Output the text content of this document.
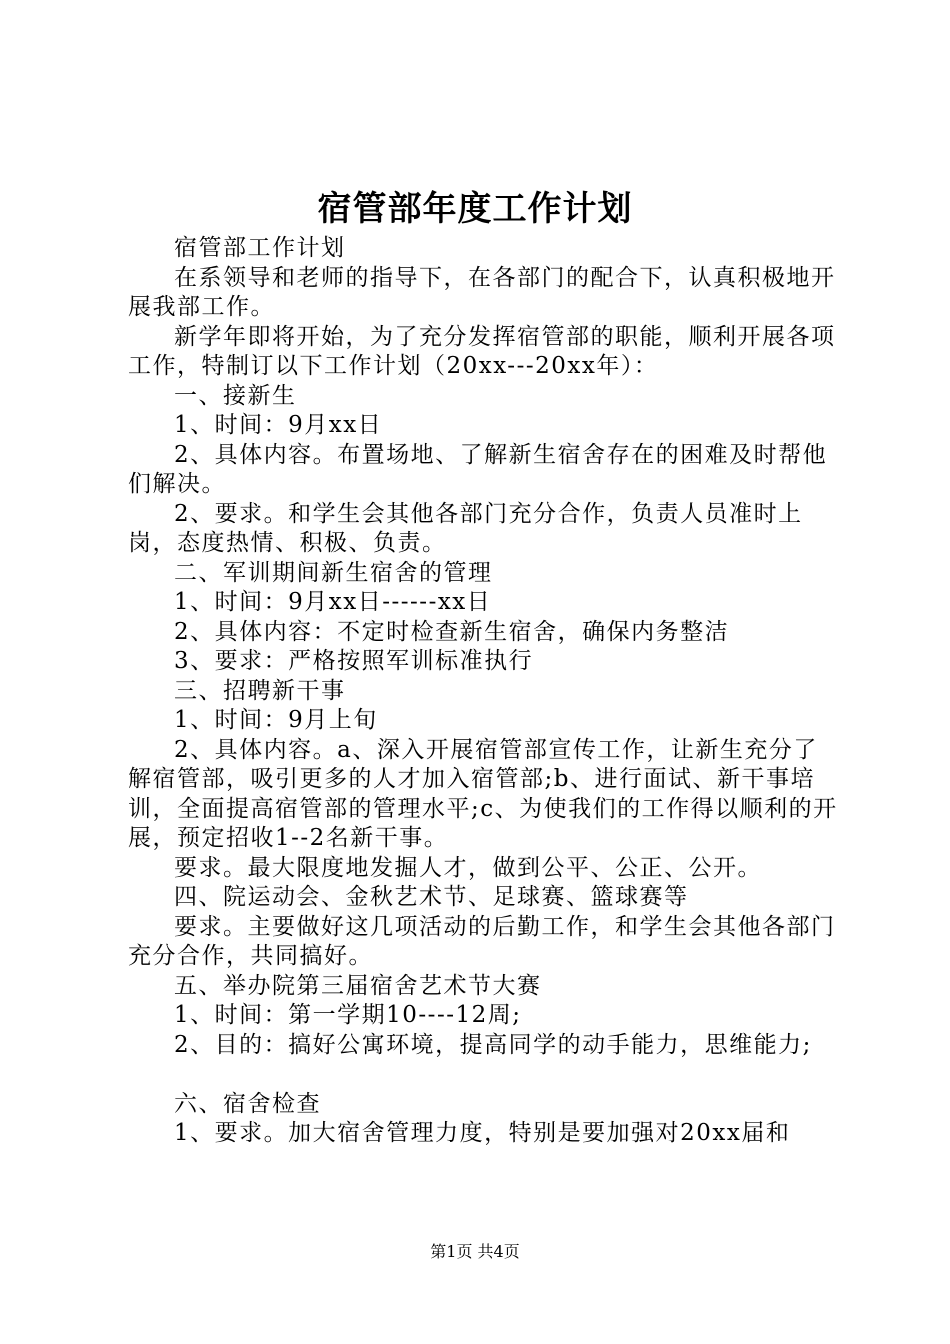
宿管部年度工作计划

宿管部工作计划

在系领导和老师的指导下，在各部门的配合下，认真积极地开展我部工作。

新学年即将开始，为了充分发挥宿管部的职能，顺利开展各项工作，特制订以下工作计划（20xx---20xx年）：

一、接新生

1、时间：9月xx日

2、具体内容。布置场地、了解新生宿舍存在的困难及时帮他们解决。

2、要求。和学生会其他各部门充分合作，负责人员准时上岗，态度热情、积极、负责。

二、军训期间新生宿舍的管理

1、时间：9月xx日------xx日

2、具体内容：不定时检查新生宿舍，确保内务整洁

3、要求：严格按照军训标准执行

三、招聘新干事

1、时间：9月上旬

2、具体内容。a、深入开展宿管部宣传工作，让新生充分了解宿管部，吸引更多的人才加入宿管部;b、进行面试、新干事培训，全面提高宿管部的管理水平;c、为使我们的工作得以顺利的开展，预定招收1--2名新干事。

要求。最大限度地发掘人才，做到公平、公正、公开。

四、院运动会、金秋艺术节、足球赛、篮球赛等

要求。主要做好这几项活动的后勤工作，和学生会其他各部门充分合作，共同搞好。

五、举办院第三届宿舍艺术节大赛

1、时间：第一学期10----12周;

2、目的：搞好公寓环境，提高同学的动手能力，思维能力;

六、宿舍检查

1、要求。加大宿舍管理力度，特别是要加强对20xx届和

第1页 共4页
